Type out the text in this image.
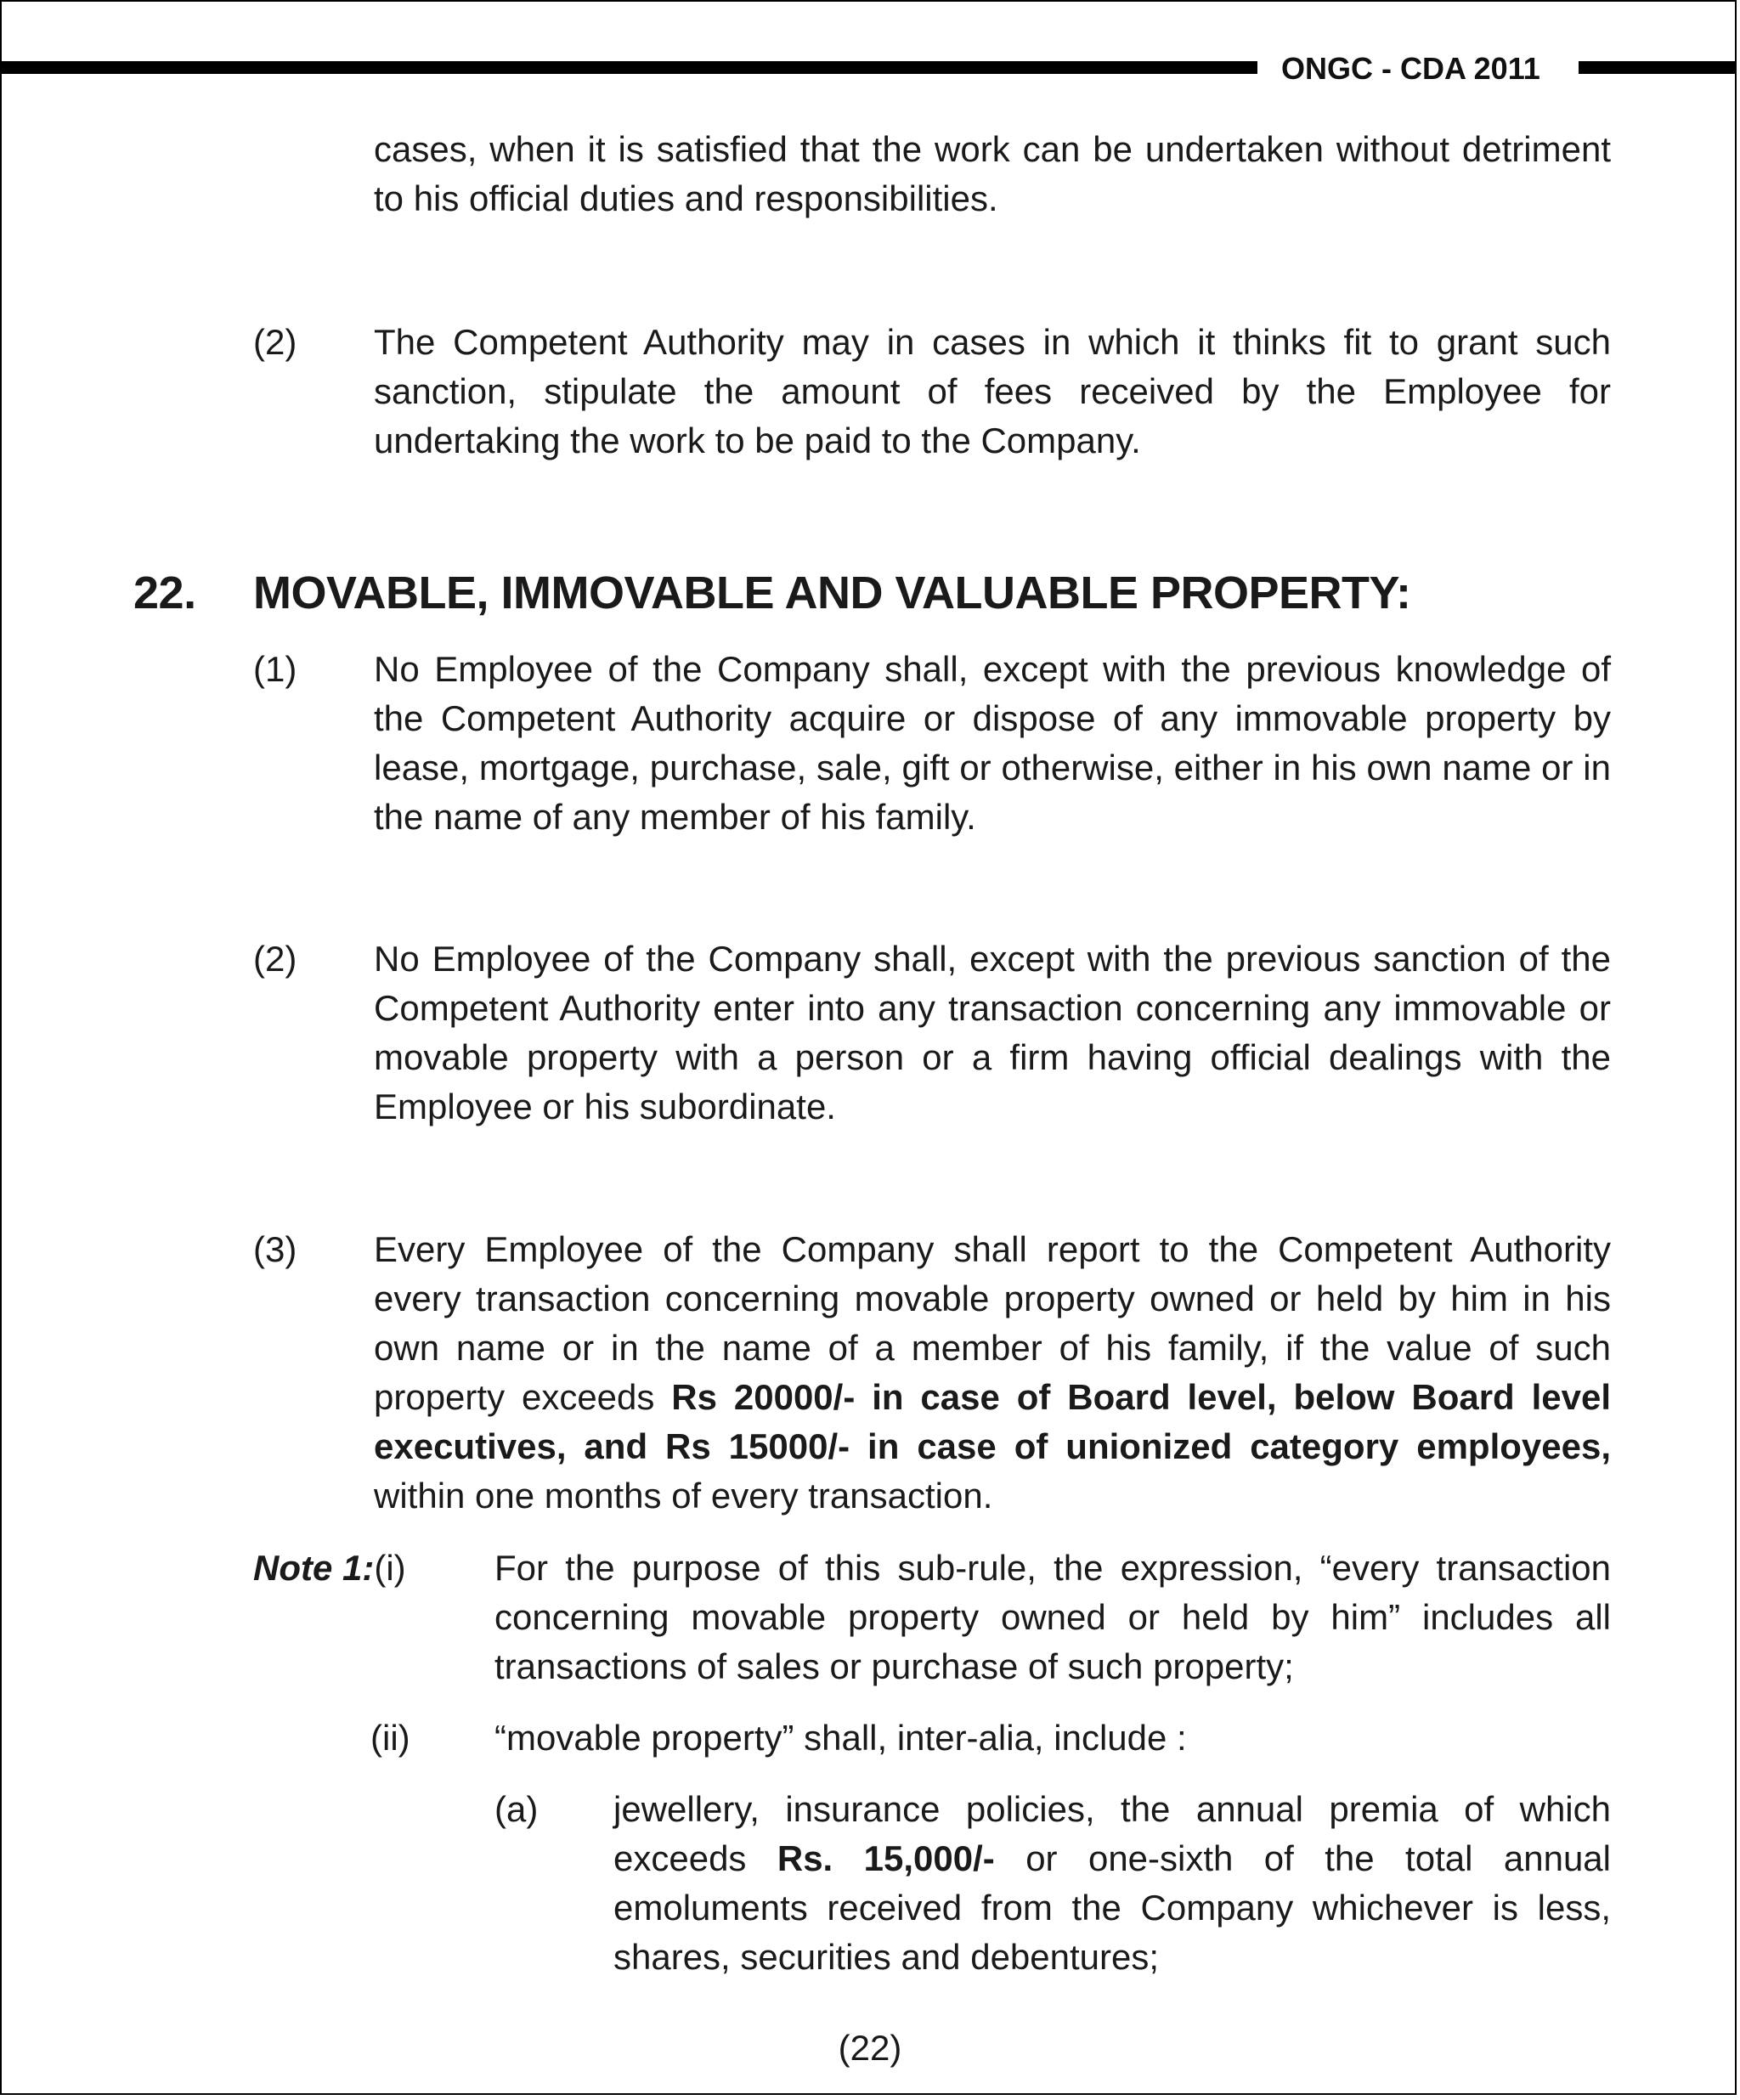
ONGC - CDA 2011

cases, when it is satisfied that the work can be undertaken without detriment to his official duties and responsibilities.

(2) The Competent Authority may in cases in which it thinks fit to grant such sanction, stipulate the amount of fees received by the Employee for undertaking the work to be paid to the Company.

22. MOVABLE, IMMOVABLE AND VALUABLE PROPERTY:
(1) No Employee of the Company shall, except with the previous knowledge of the Competent Authority acquire or dispose of any immovable property by lease, mortgage, purchase, sale, gift or otherwise, either in his own name or in the name of any member of his family.

(2) No Employee of the Company shall, except with the previous sanction of the Competent Authority enter into any transaction concerning any immovable or movable property with a person or a firm having official dealings with the Employee or his subordinate.

(3) Every Employee of the Company shall report to the Competent Authority every transaction concerning movable property owned or held by him in his own name or in the name of a member of his family, if the value of such property exceeds Rs 20000/- in case of Board level, below Board level executives, and Rs 15000/- in case of unionized category employees, within one months of every transaction.

Note 1:(i) For the purpose of this sub-rule, the expression, “every transaction concerning movable property owned or held by him” includes all transactions of sales or purchase of such property;

(ii) “movable property” shall, inter-alia, include :

(a) jewellery, insurance policies, the annual premia of which exceeds Rs. 15,000/- or one-sixth of the total annual emoluments received from the Company whichever is less, shares, securities and debentures;

(22)
